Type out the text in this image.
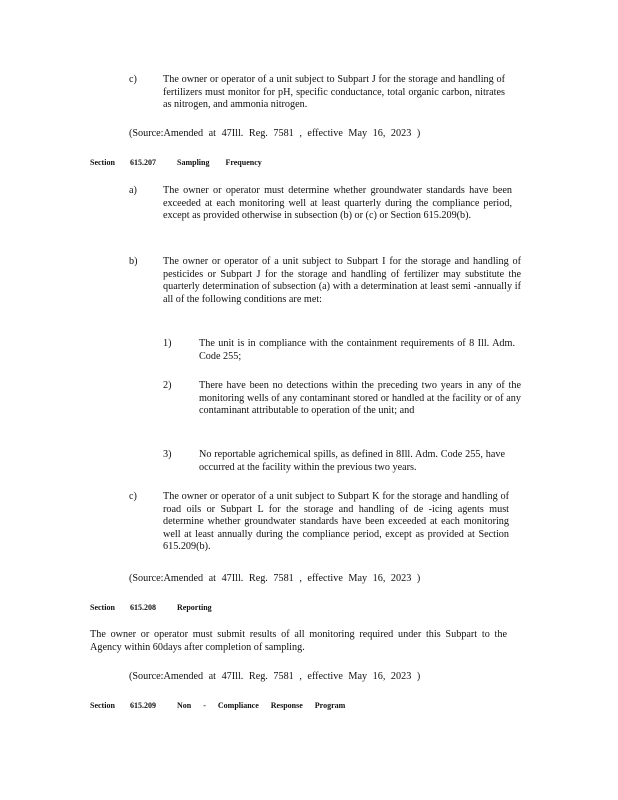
c)	The owner or operator of a unit subject to Subpart J for the storage and handling of fertilizers must monitor for pH, specific conductance, total organic carbon, nitrates as nitrogen, and ammonia nitrogen.
(Source:Amended at 47Ill. Reg. 7581 , effective May 16, 2023 )
Section 615.207	Sampling Frequency
a)	The owner or operator must determine whether groundwater standards have been exceeded at each monitoring well at least quarterly during the compliance period, except as provided otherwise in subsection (b) or (c) or Section 615.209(b).
b)	The owner or operator of a unit subject to Subpart I for the storage and handling of pesticides or Subpart J for the storage and handling of fertilizer may substitute the quarterly determination of subsection (a) with a determination at least semi -annually if all of the following conditions are met:
1)	The unit is in compliance with the containment requirements of 8 Ill. Adm. Code 255;
2)	There have been no detections within the preceding two years in any of the monitoring wells of any contaminant stored or handled at the facility or of any contaminant attributable to operation of the unit; and
3)	No reportable agrichemical spills, as defined in 8Ill. Adm. Code 255, have occurred at the facility within the previous two years.
c)	The owner or operator of a unit subject to Subpart K for the storage and handling of road oils or Subpart L for the storage and handling of de -icing agents must determine whether groundwater standards have been exceeded at each monitoring well at least annually during the compliance period, except as provided at Section 615.209(b).
(Source:Amended at 47Ill. Reg. 7581 , effective May 16, 2023 )
Section 615.208	Reporting
The owner or operator must submit results of all monitoring required under this Subpart to the Agency within 60days after completion of sampling.
(Source:Amended at 47Ill. Reg. 7581 , effective May 16, 2023 )
Section 615.209	Non - Compliance Response Program
